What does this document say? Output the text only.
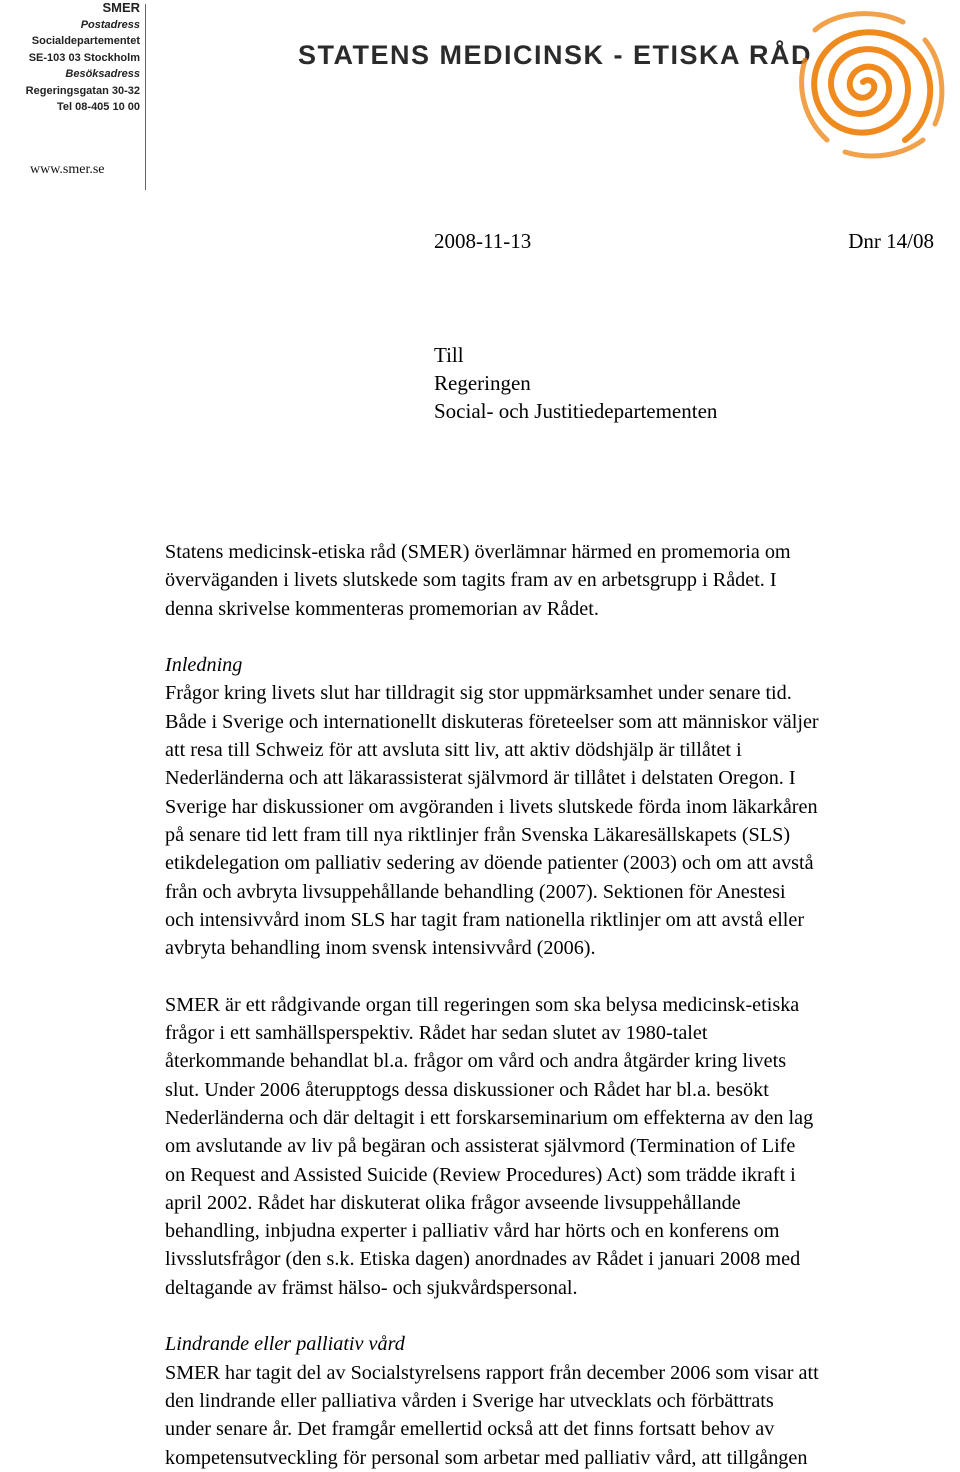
SMER
Postadress
Socialdepartementet
SE-103 03 Stockholm
Besöksadress
Regeringsgatan 30-32
Tel 08-405 10 00
www.smer.se
STATENS MEDICINSK - ETISKA RÅD
2008-11-13	Dnr 14/08
Till
Regeringen
Social- och Justitiedepartementen

Statens medicinsk-etiska råd (SMER) överlämnar härmed en promemoria om
överväganden i livets slutskede som tagits fram av en arbetsgrupp i Rådet. I
denna skrivelse kommenteras promemorian av Rådet.

Inledning

Frågor kring livets slut har tilldragit sig stor uppmärksamhet under senare tid.
Både i Sverige och internationellt diskuteras företeelser som att människor väljer
att resa till Schweiz för att avsluta sitt liv, att aktiv dödshjälp är tillåtet i
Nederländerna och att läkarassisterat självmord är tillåtet i delstaten Oregon. I
Sverige har diskussioner om avgöranden i livets slutskede förda inom läkarkåren
på senare tid lett fram till nya riktlinjer från Svenska Läkaresällskapets (SLS)
etikdelegation om palliativ sedering av döende patienter (2003) och om att avstå
från och avbryta livsuppehållande behandling (2007). Sektionen för Anestesi
och intensivvård inom SLS har tagit fram nationella riktlinjer om att avstå eller
avbryta behandling inom svensk intensivvård (2006).

SMER är ett rådgivande organ till regeringen som ska belysa medicinsk-etiska
frågor i ett samhällsperspektiv. Rådet har sedan slutet av 1980-talet
återkommande behandlat bl.a. frågor om vård och andra åtgärder kring livets
slut. Under 2006 återupptogs dessa diskussioner och Rådet har bl.a. besökt
Nederländerna och där deltagit i ett forskarseminarium om effekterna av den lag
om avslutande av liv på begäran och assisterat självmord (Termination of Life
on Request and Assisted Suicide (Review Procedures) Act) som trädde ikraft i
april 2002. Rådet har diskuterat olika frågor avseende livsuppehållande
behandling, inbjudna experter i palliativ vård har hörts och en konferens om
livsslutsfrågor (den s.k. Etiska dagen) anordnades av Rådet i januari 2008 med
deltagande av främst hälso- och sjukvårdspersonal.

Lindrande eller palliativ vård

SMER har tagit del av Socialstyrelsens rapport från december 2006 som visar att
den lindrande eller palliativa vården i Sverige har utvecklats och förbättrats
under senare år. Det framgår emellertid också att det finns fortsatt behov av
kompetensutveckling för personal som arbetar med palliativ vård, att tillgången
